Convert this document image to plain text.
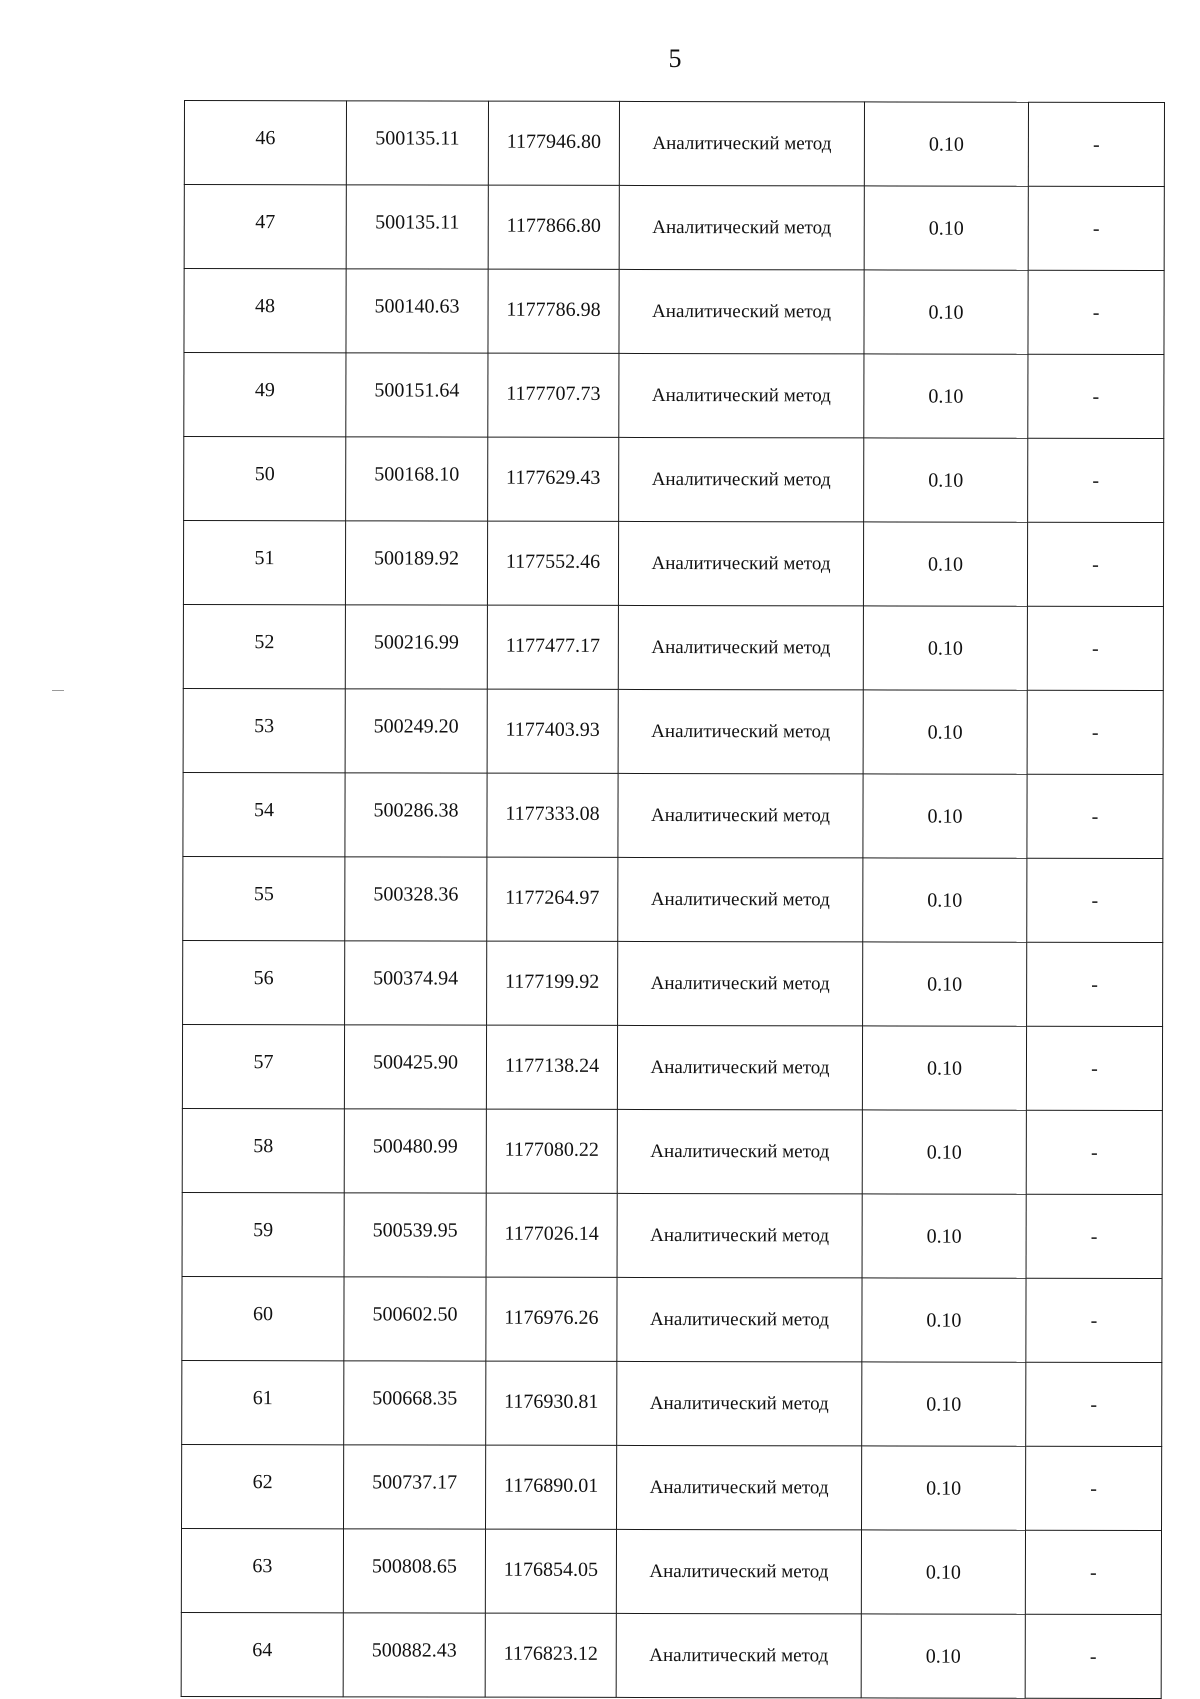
5
46	500135.11	1177946.80	Аналитический метод	0.10	-
47	500135.11	1177866.80	Аналитический метод	0.10	-
48	500140.63	1177786.98	Аналитический метод	0.10	-
49	500151.64	1177707.73	Аналитический метод	0.10	-
50	500168.10	1177629.43	Аналитический метод	0.10	-
51	500189.92	1177552.46	Аналитический метод	0.10	-
52	500216.99	1177477.17	Аналитический метод	0.10	-
53	500249.20	1177403.93	Аналитический метод	0.10	-
54	500286.38	1177333.08	Аналитический метод	0.10	-
55	500328.36	1177264.97	Аналитический метод	0.10	-
56	500374.94	1177199.92	Аналитический метод	0.10	-
57	500425.90	1177138.24	Аналитический метод	0.10	-
58	500480.99	1177080.22	Аналитический метод	0.10	-
59	500539.95	1177026.14	Аналитический метод	0.10	-
60	500602.50	1176976.26	Аналитический метод	0.10	-
61	500668.35	1176930.81	Аналитический метод	0.10	-
62	500737.17	1176890.01	Аналитический метод	0.10	-
63	500808.65	1176854.05	Аналитический метод	0.10	-
64	500882.43	1176823.12	Аналитический метод	0.10	-
